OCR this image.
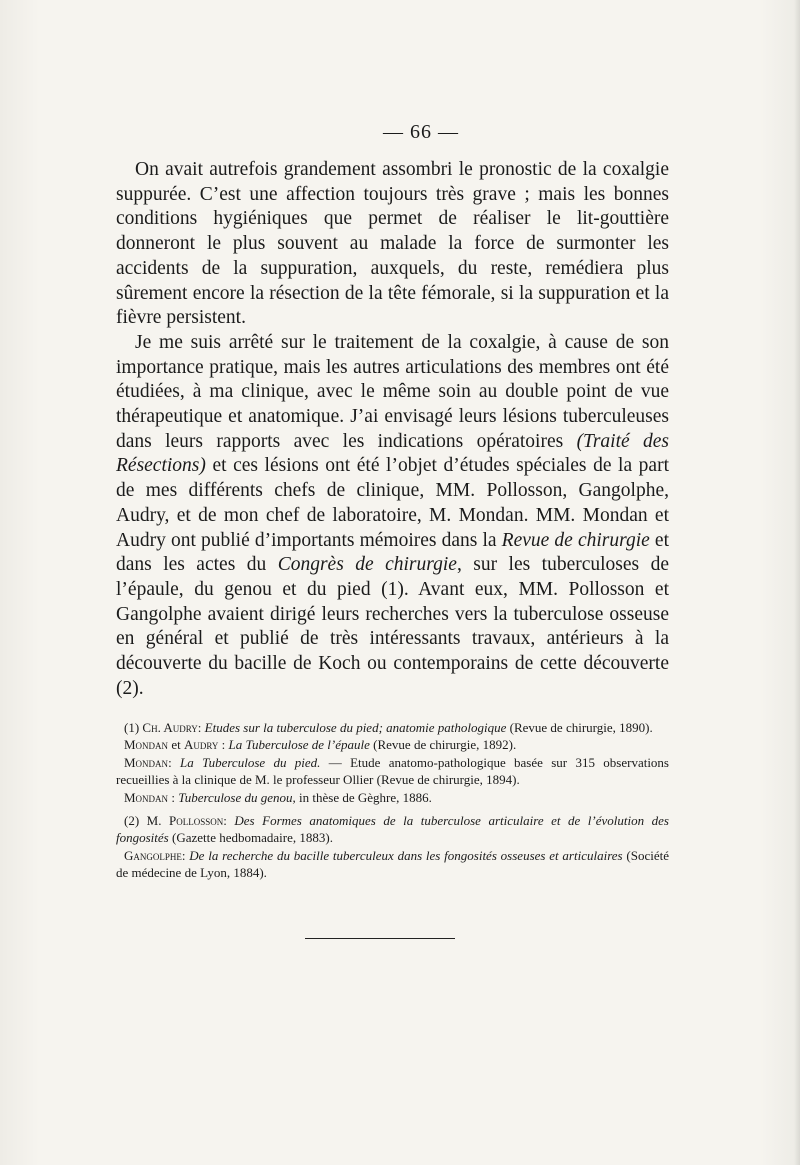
— 66 —

On avait autrefois grandement assombri le pronostic de la coxalgie suppurée. C’est une affection toujours très grave ; mais les bonnes conditions hygiéniques que permet de réaliser le lit-gouttière donneront le plus souvent au malade la force de surmonter les accidents de la suppuration, auxquels, du reste, remédiera plus sûrement encore la résection de la tête fémorale, si la suppuration et la fièvre persistent.

Je me suis arrêté sur le traitement de la coxalgie, à cause de son importance pratique, mais les autres articulations des membres ont été étudiées, à ma clinique, avec le même soin au double point de vue thérapeutique et anatomique. J’ai envisagé leurs lésions tuberculeuses dans leurs rapports avec les indications opératoires (Traité des Résections) et ces lésions ont été l’objet d’études spéciales de la part de mes différents chefs de clinique, MM. Pollosson, Gangolphe, Audry, et de mon chef de laboratoire, M. Mondan. MM. Mondan et Audry ont publié d’importants mémoires dans la Revue de chirurgie et dans les actes du Congrès de chirurgie, sur les tuberculoses de l’épaule, du genou et du pied (1). Avant eux, MM. Pollosson et Gangolphe avaient dirigé leurs recherches vers la tuberculose osseuse en général et publié de très intéressants travaux, antérieurs à la découverte du bacille de Koch ou contemporains de cette découverte (2).

(1) Ch. Audry: Etudes sur la tuberculose du pied; anatomie pathologique (Revue de chirurgie, 1890).

Mondan et Audry : La Tuberculose de l’épaule (Revue de chirurgie, 1892).

Mondan: La Tuberculose du pied. — Etude anatomo-pathologique basée sur 315 observations recueillies à la clinique de M. le professeur Ollier (Revue de chirurgie, 1894).

Mondan : Tuberculose du genou, in thèse de Gèghre, 1886.

(2) M. Pollosson: Des Formes anatomiques de la tuberculose articulaire et de l’évolution des fongosités (Gazette hedbomadaire, 1883).

Gangolphe: De la recherche du bacille tuberculeux dans les fongosités osseuses et articulaires (Société de médecine de Lyon, 1884).
